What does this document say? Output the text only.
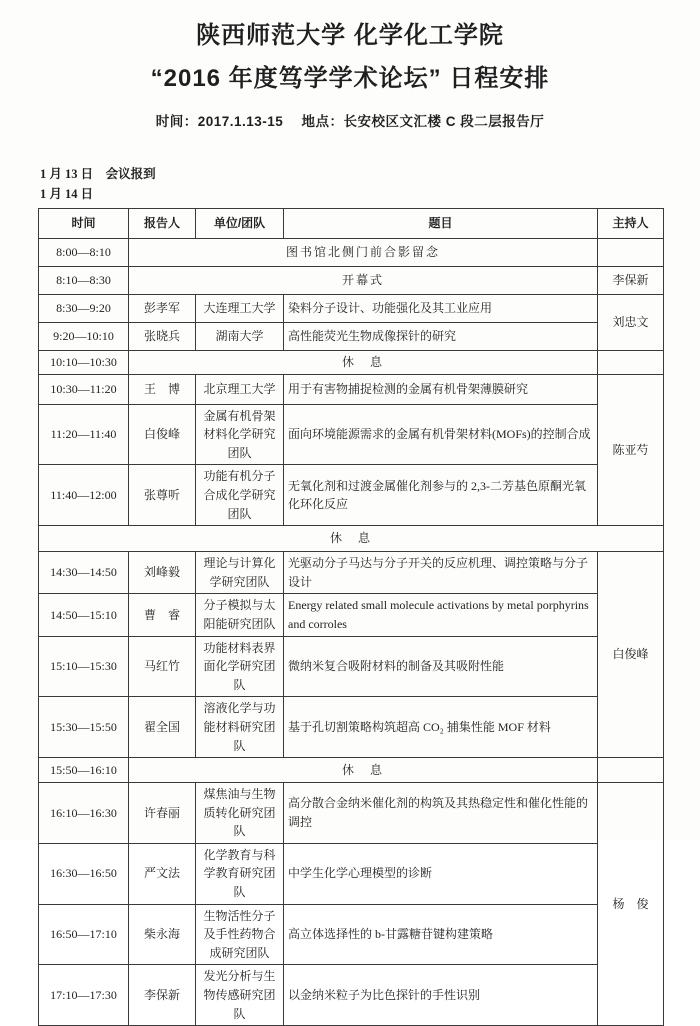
陕西师范大学 化学化工学院
“2016 年度笃学学术论坛” 日程安排
时间：2017.1.13-15　 地点：长安校区文汇楼 C 段二层报告厅
1 月 13 日　会议报到
1 月 14 日
时间	报告人	单位/团队	题目	主持人
8:00—8:10	图书馆北侧门前合影留念			
8:10—8:30	开幕式			李保新
8:30—9:20	彭孝军	大连理工大学	染料分子设计、功能强化及其工业应用	刘忠文
9:20—10:10	张晓兵	湖南大学	高性能荧光生物成像探针的研究	
10:10—10:30	休　息			
10:30—11:20	王　博	北京理工大学	用于有害物捕捉检测的金属有机骨架薄膜研究	陈亚芍
11:20—11:40	白俊峰	金属有机骨架材料化学研究团队	面向环境能源需求的金属有机骨架材料(MOFs)的控制合成	
11:40—12:00	张尊听	功能有机分子合成化学研究团队	无氧化剂和过渡金属催化剂参与的 2,3-二芳基色原酮光氧化环化反应	
休　息				
14:30—14:50	刘峰毅	理论与计算化学研究团队	光驱动分子马达与分子开关的反应机理、调控策略与分子设计	白俊峰
14:50—15:10	曹　睿	分子模拟与太阳能研究团队	Energy related small molecule activations by metal porphyrins and corroles	
15:10—15:30	马红竹	功能材料表界面化学研究团队	微纳米复合吸附材料的制备及其吸附性能	
15:30—15:50	翟全国	溶液化学与功能材料研究团队	基于孔切割策略构筑超高 CO₂ 捕集性能 MOF 材料	
15:50—16:10	休　息			
16:10—16:30	许春丽	煤焦油与生物质转化研究团队	高分散合金纳米催化剂的构筑及其热稳定性和催化性能的调控	杨　俊
16:30—16:50	严文法	化学教育与科学教育研究团队	中学生化学心理模型的诊断	
16:50—17:10	柴永海	生物活性分子及手性药物合成研究团队	高立体选择性的 b-甘露糖苷键构建策略	
17:10—17:30	李保新	发光分析与生物传感研究团队	以金纳米粒子为比色探针的手性识别	
